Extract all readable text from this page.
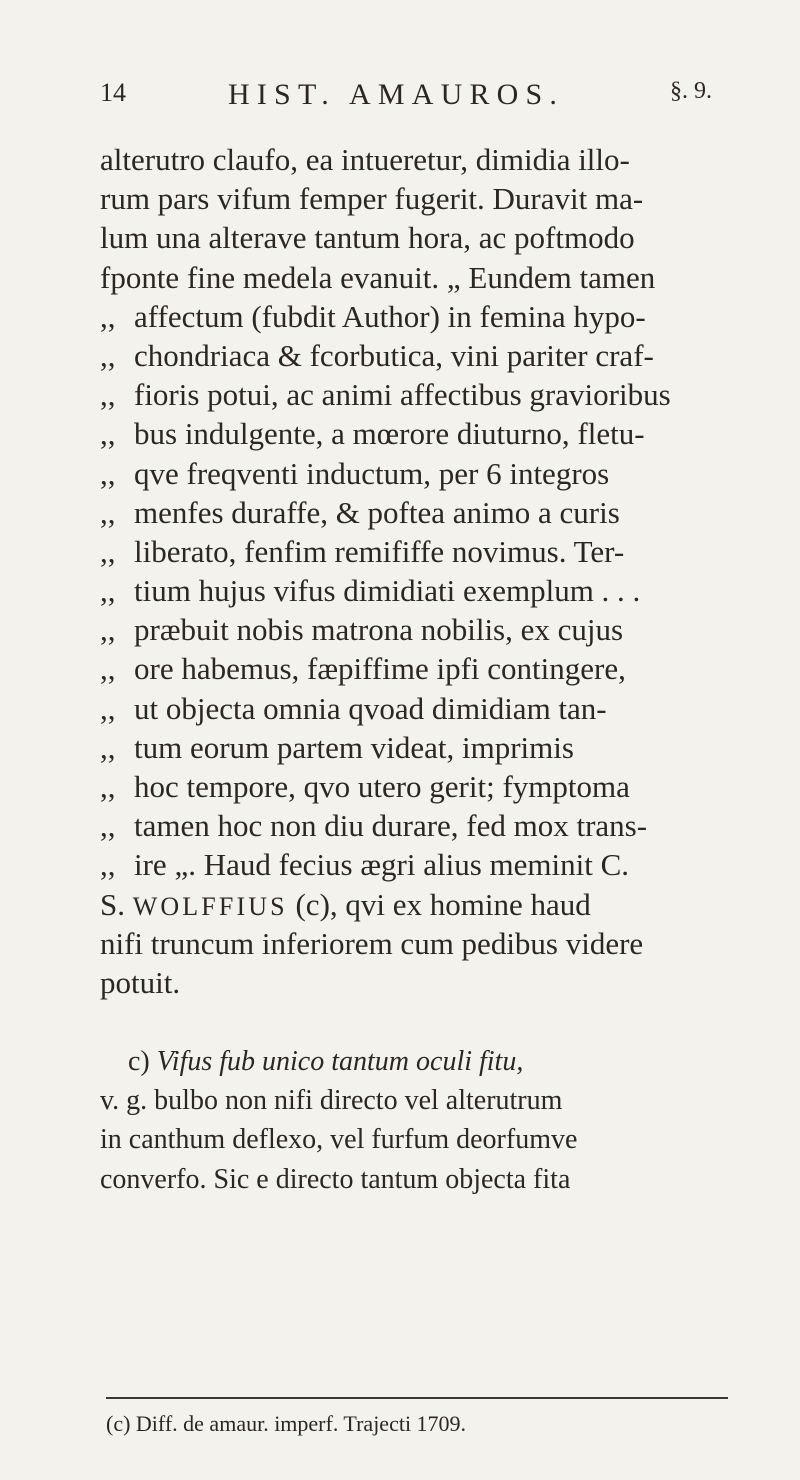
14	HIST. AMAUROS.	§. 9.
alterutro claufo, ea intueretur, dimidia illo-
rum pars vifum femper fugerit. Duravit ma-
lum una alterave tantum hora, ac poftmodo
fponte fine medela evanuit. „ Eundem tamen
,, affectum (fubdit Author) in femina hypo-
,, chondriaca & fcorbutica, vini pariter craf-
,, fioris potui, ac animi affectibus gravioribus
,, bus indulgente, a mœrore diuturno, fletu-
,, qve freqventi inductum, per 6 integros
,, menfes duraffe, & poftea animo a curis
,, liberato, fenfim remififfe novimus. Ter-
,, tium hujus vifus dimidiati exemplum . . .
,, præbuit nobis matrona nobilis, ex cujus
,, ore habemus, fæpiffime ipfi contingere,
,, ut objecta omnia qvoad dimidiam tan-
,, tum eorum partem videat, imprimis
,, hoc tempore, qvo utero gerit; fymptoma
,, tamen hoc non diu durare, fed mox trans-
,, ire „. Haud fecius ægri alius meminit C.
S. WOLFFIUS (c), qvi ex homine haud
nifi truncum inferiorem cum pedibus videre
potuit.
c) Vifus fub unico tantum oculi fitu,
v. g. bulbo non nifi directo vel alterutrum
in canthum deflexo, vel furfum deorfumve
converfo. Sic e directo tantum objecta fita
(c) Diff. de amaur. imperf. Trajecti 1709.
